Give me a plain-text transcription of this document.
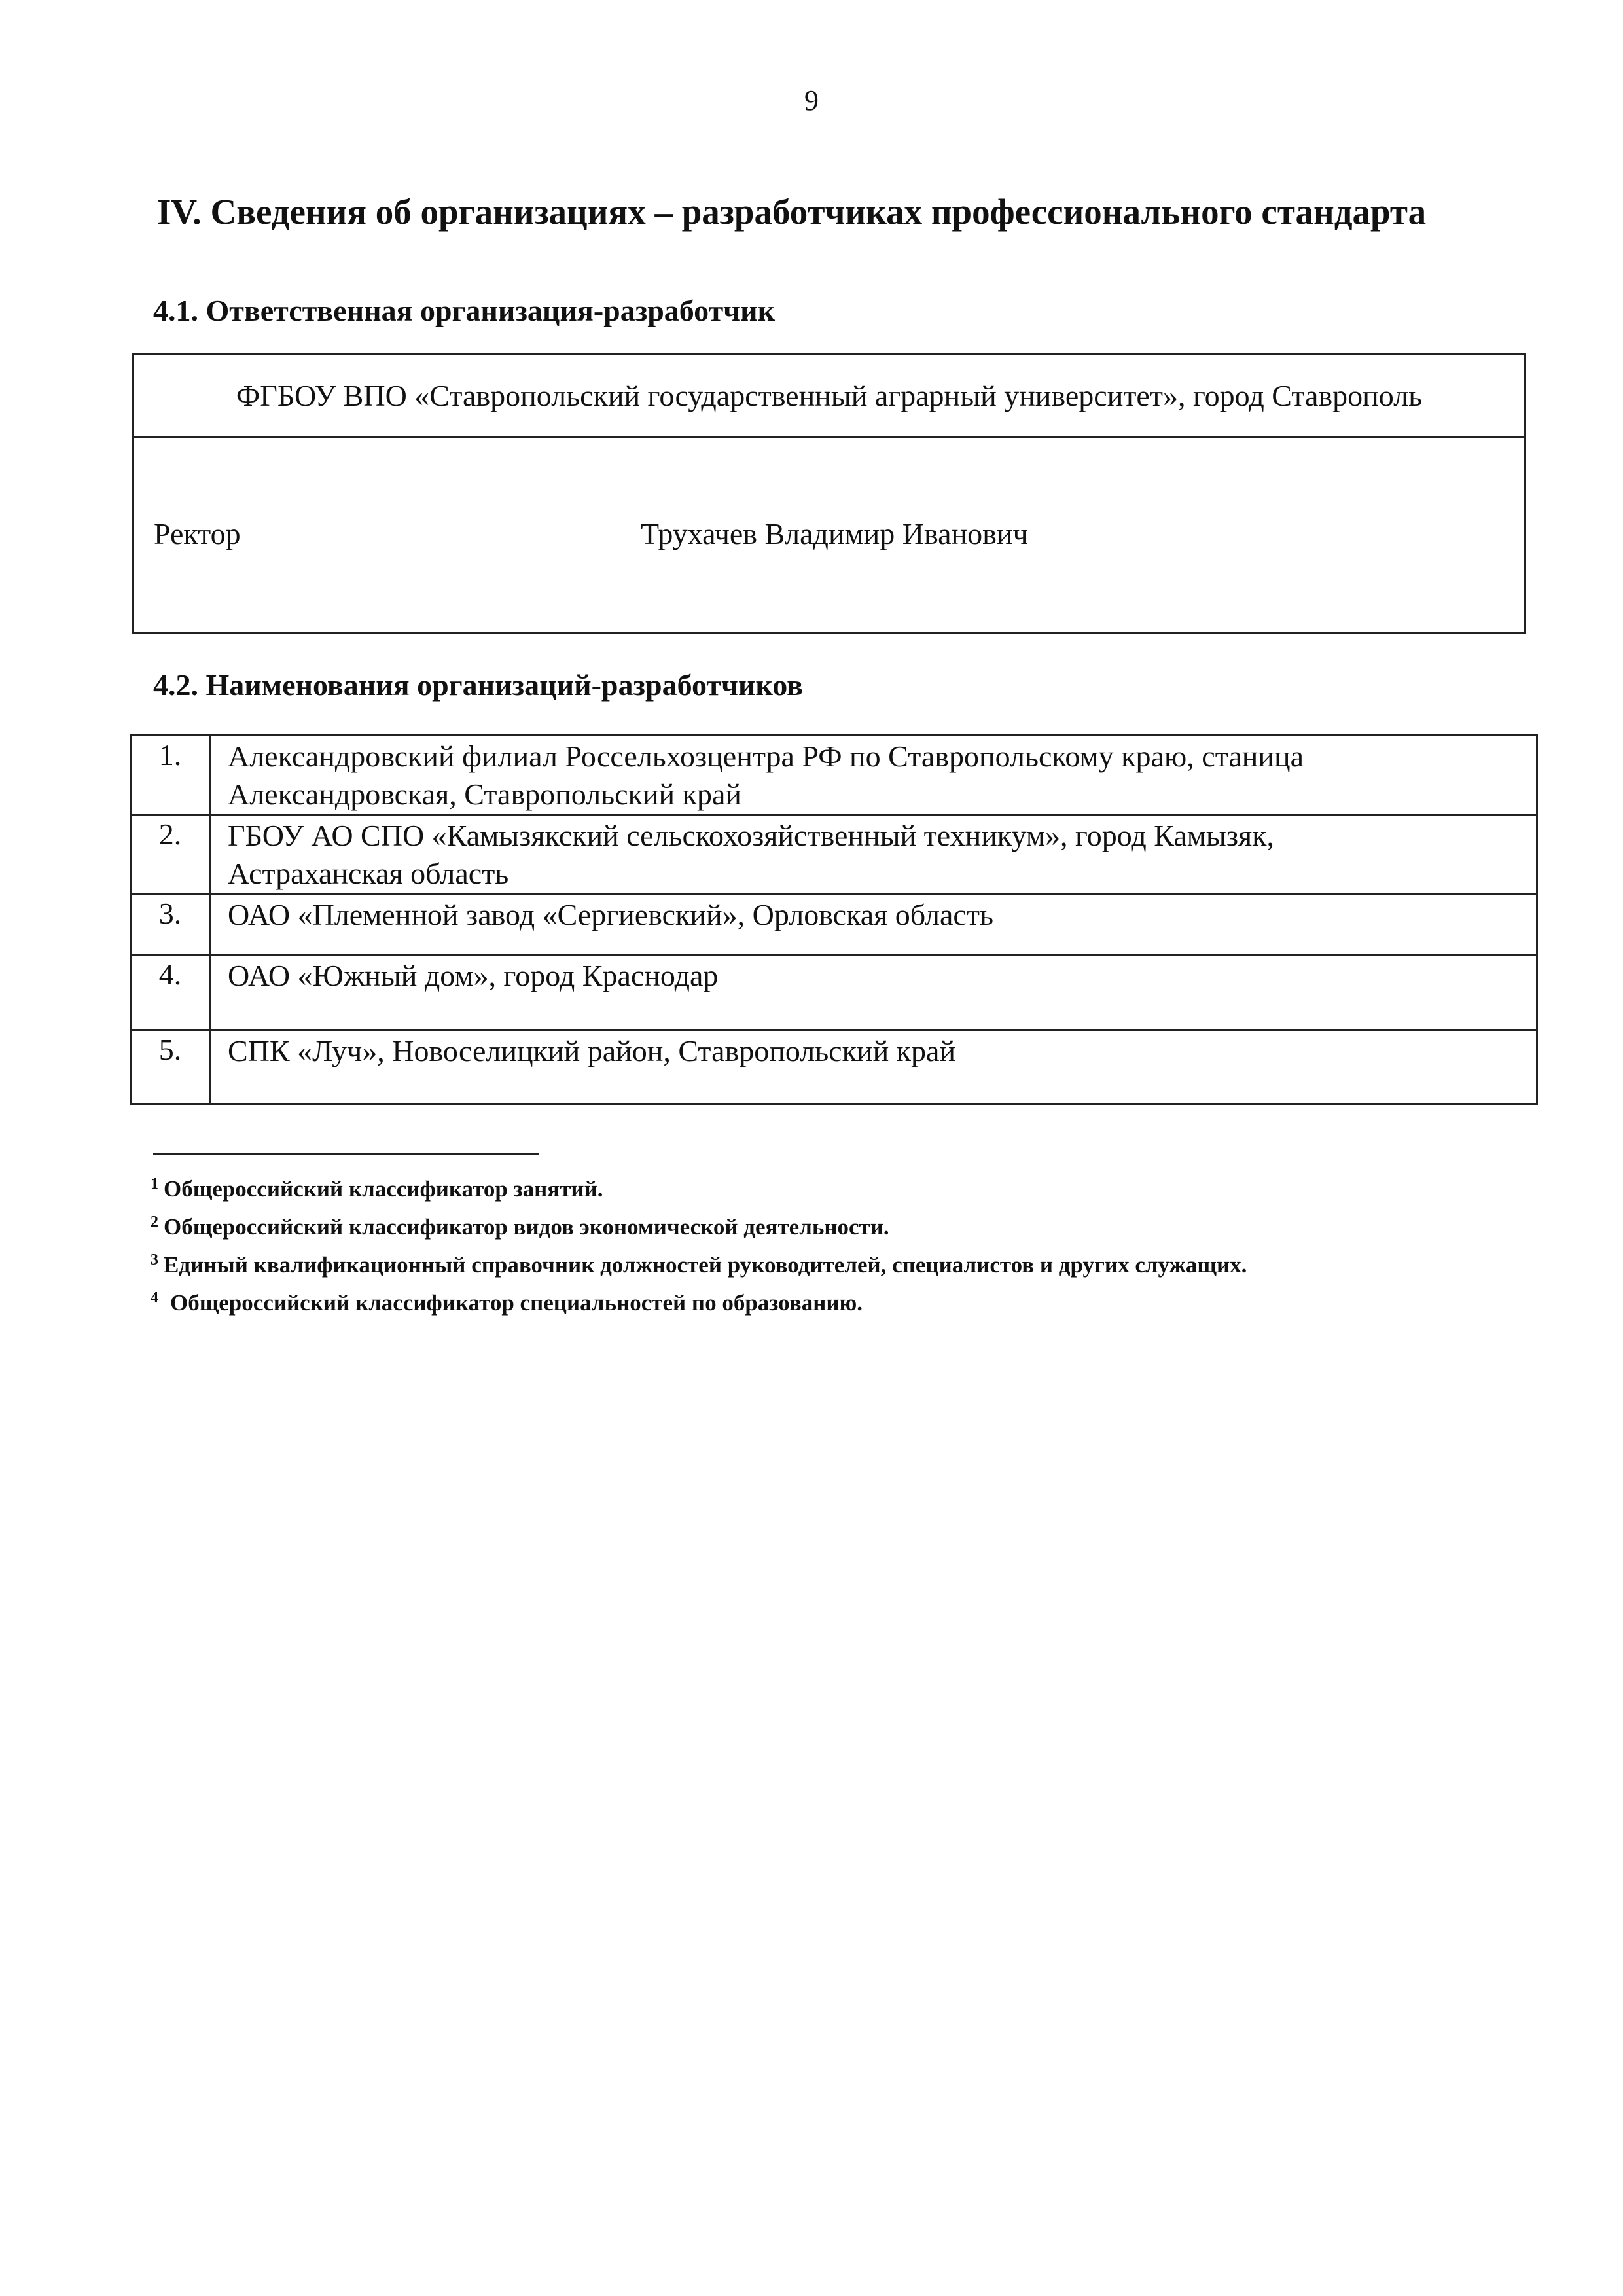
9
IV. Сведения об организациях – разработчиках профессионального стандарта
4.1. Ответственная организация-разработчик
ФГБОУ ВПО «Ставропольский государственный аграрный университет», город Ставрополь
Ректор	Трухачев Владимир Иванович
4.2. Наименования организаций-разработчиков
1.	Александровский филиал Россельхозцентра РФ по Ставропольскому краю, станица
Александровская, Ставропольский край

2.	ГБОУ АО СПО «Камызякский сельскохозяйственный техникум», город Камызяк,
Астраханская область

3.	ОАО «Племенной завод «Сергиевский», Орловская область

4.	ОАО «Южный дом», город Краснодар

5.	СПК «Луч», Новоселицкий район, Ставропольский край
$^1$ Общероссийский классификатор занятий.
$^2$ Общероссийский классификатор видов экономической деятельности.
$^3$ Единый квалификационный справочник должностей руководителей, специалистов и других служащих.
$^4$ Общероссийский классификатор специальностей по образованию.
